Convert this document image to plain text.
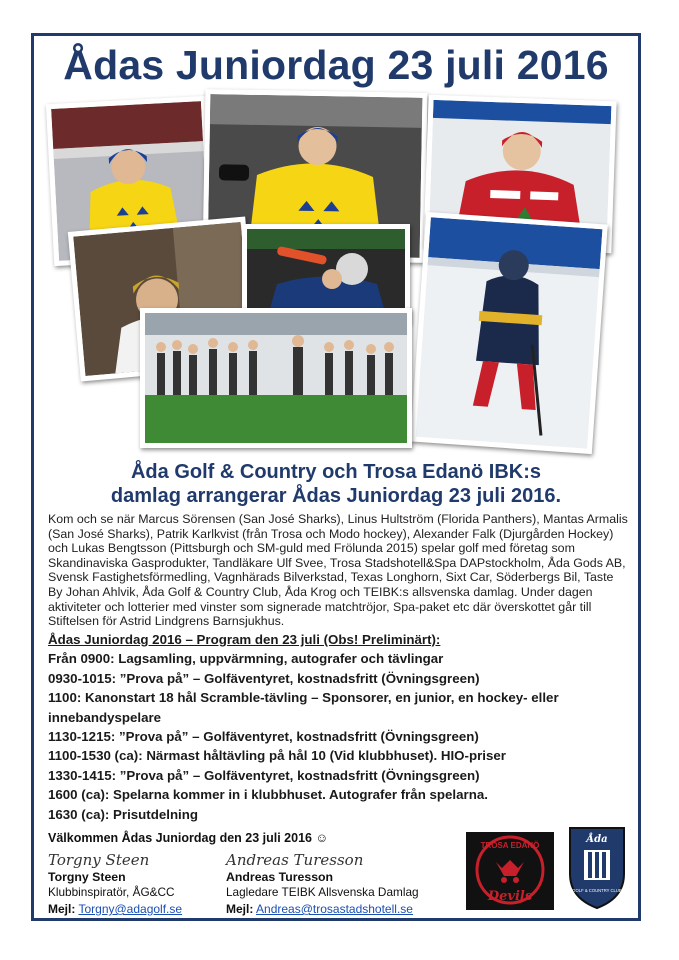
Ådas Juniordag 23 juli 2016
Åda Golf & Country och Trosa Edanö IBK:s
damlag arrangerar Ådas Juniordag 23 juli 2016.
Kom och se när Marcus Sörensen (San José Sharks), Linus Hultström (Florida Panthers), Mantas Armalis (San José Sharks), Patrik Karlkvist (från Trosa och Modo hockey), Alexander Falk (Djurgården Hockey) och Lukas Bengtsson (Pittsburgh och SM-guld med Frölunda 2015) spelar golf med företag som Skandinaviska Gasprodukter, Tandläkare Ulf Svee, Trosa Stadshotell&Spa DAPstockholm, Åda Gods AB, Svensk Fastighetsförmedling, Vagnhärads Bilverkstad, Texas Longhorn, Sixt Car, Söderbergs Bil, Taste By Johan Ahlvik, Åda Golf & Country Club, Åda Krog och TEIBK:s allsvenska damlag. Under dagen aktiviteter och lotterier med vinster som signerade matchtröjor, Spa-paket etc där överskottet går till Stiftelsen för Astrid Lindgrens Barnsjukhus.
Ådas Juniordag 2016 – Program den 23 juli (Obs! Preliminärt):
Från 0900: Lagsamling, uppvärmning, autografer och tävlingar
0930-1015: ”Prova på” – Golfäventyret, kostnadsfritt (Övningsgreen)
1100: Kanonstart 18 hål Scramble-tävling – Sponsorer, en junior, en hockey- eller
innebandyspelare
1130-1215: ”Prova på” – Golfäventyret, kostnadsfritt (Övningsgreen)
1100-1530 (ca): Närmast håltävling på hål 10 (Vid klubbhuset). HIO-priser
1330-1415: ”Prova på” – Golfäventyret, kostnadsfritt (Övningsgreen)
1600 (ca): Spelarna kommer in i klubbhuset. Autografer från spelarna.
1630 (ca): Prisutdelning
Välkommen Ådas Juniordag den 23 juli 2016 ☺
Torgny Steen
Torgny Steen
Klubbinspiratör, ÅG&CC
Mejl: Torgny@adagolf.se
Andreas Turesson
Andreas Turesson
Lagledare TEIBK Allsvenska Damlag
Mejl: Andreas@trosastadshotell.se
TROSA EDANÖ
Devils
Åda
GOLF & COUNTRY CLUB
